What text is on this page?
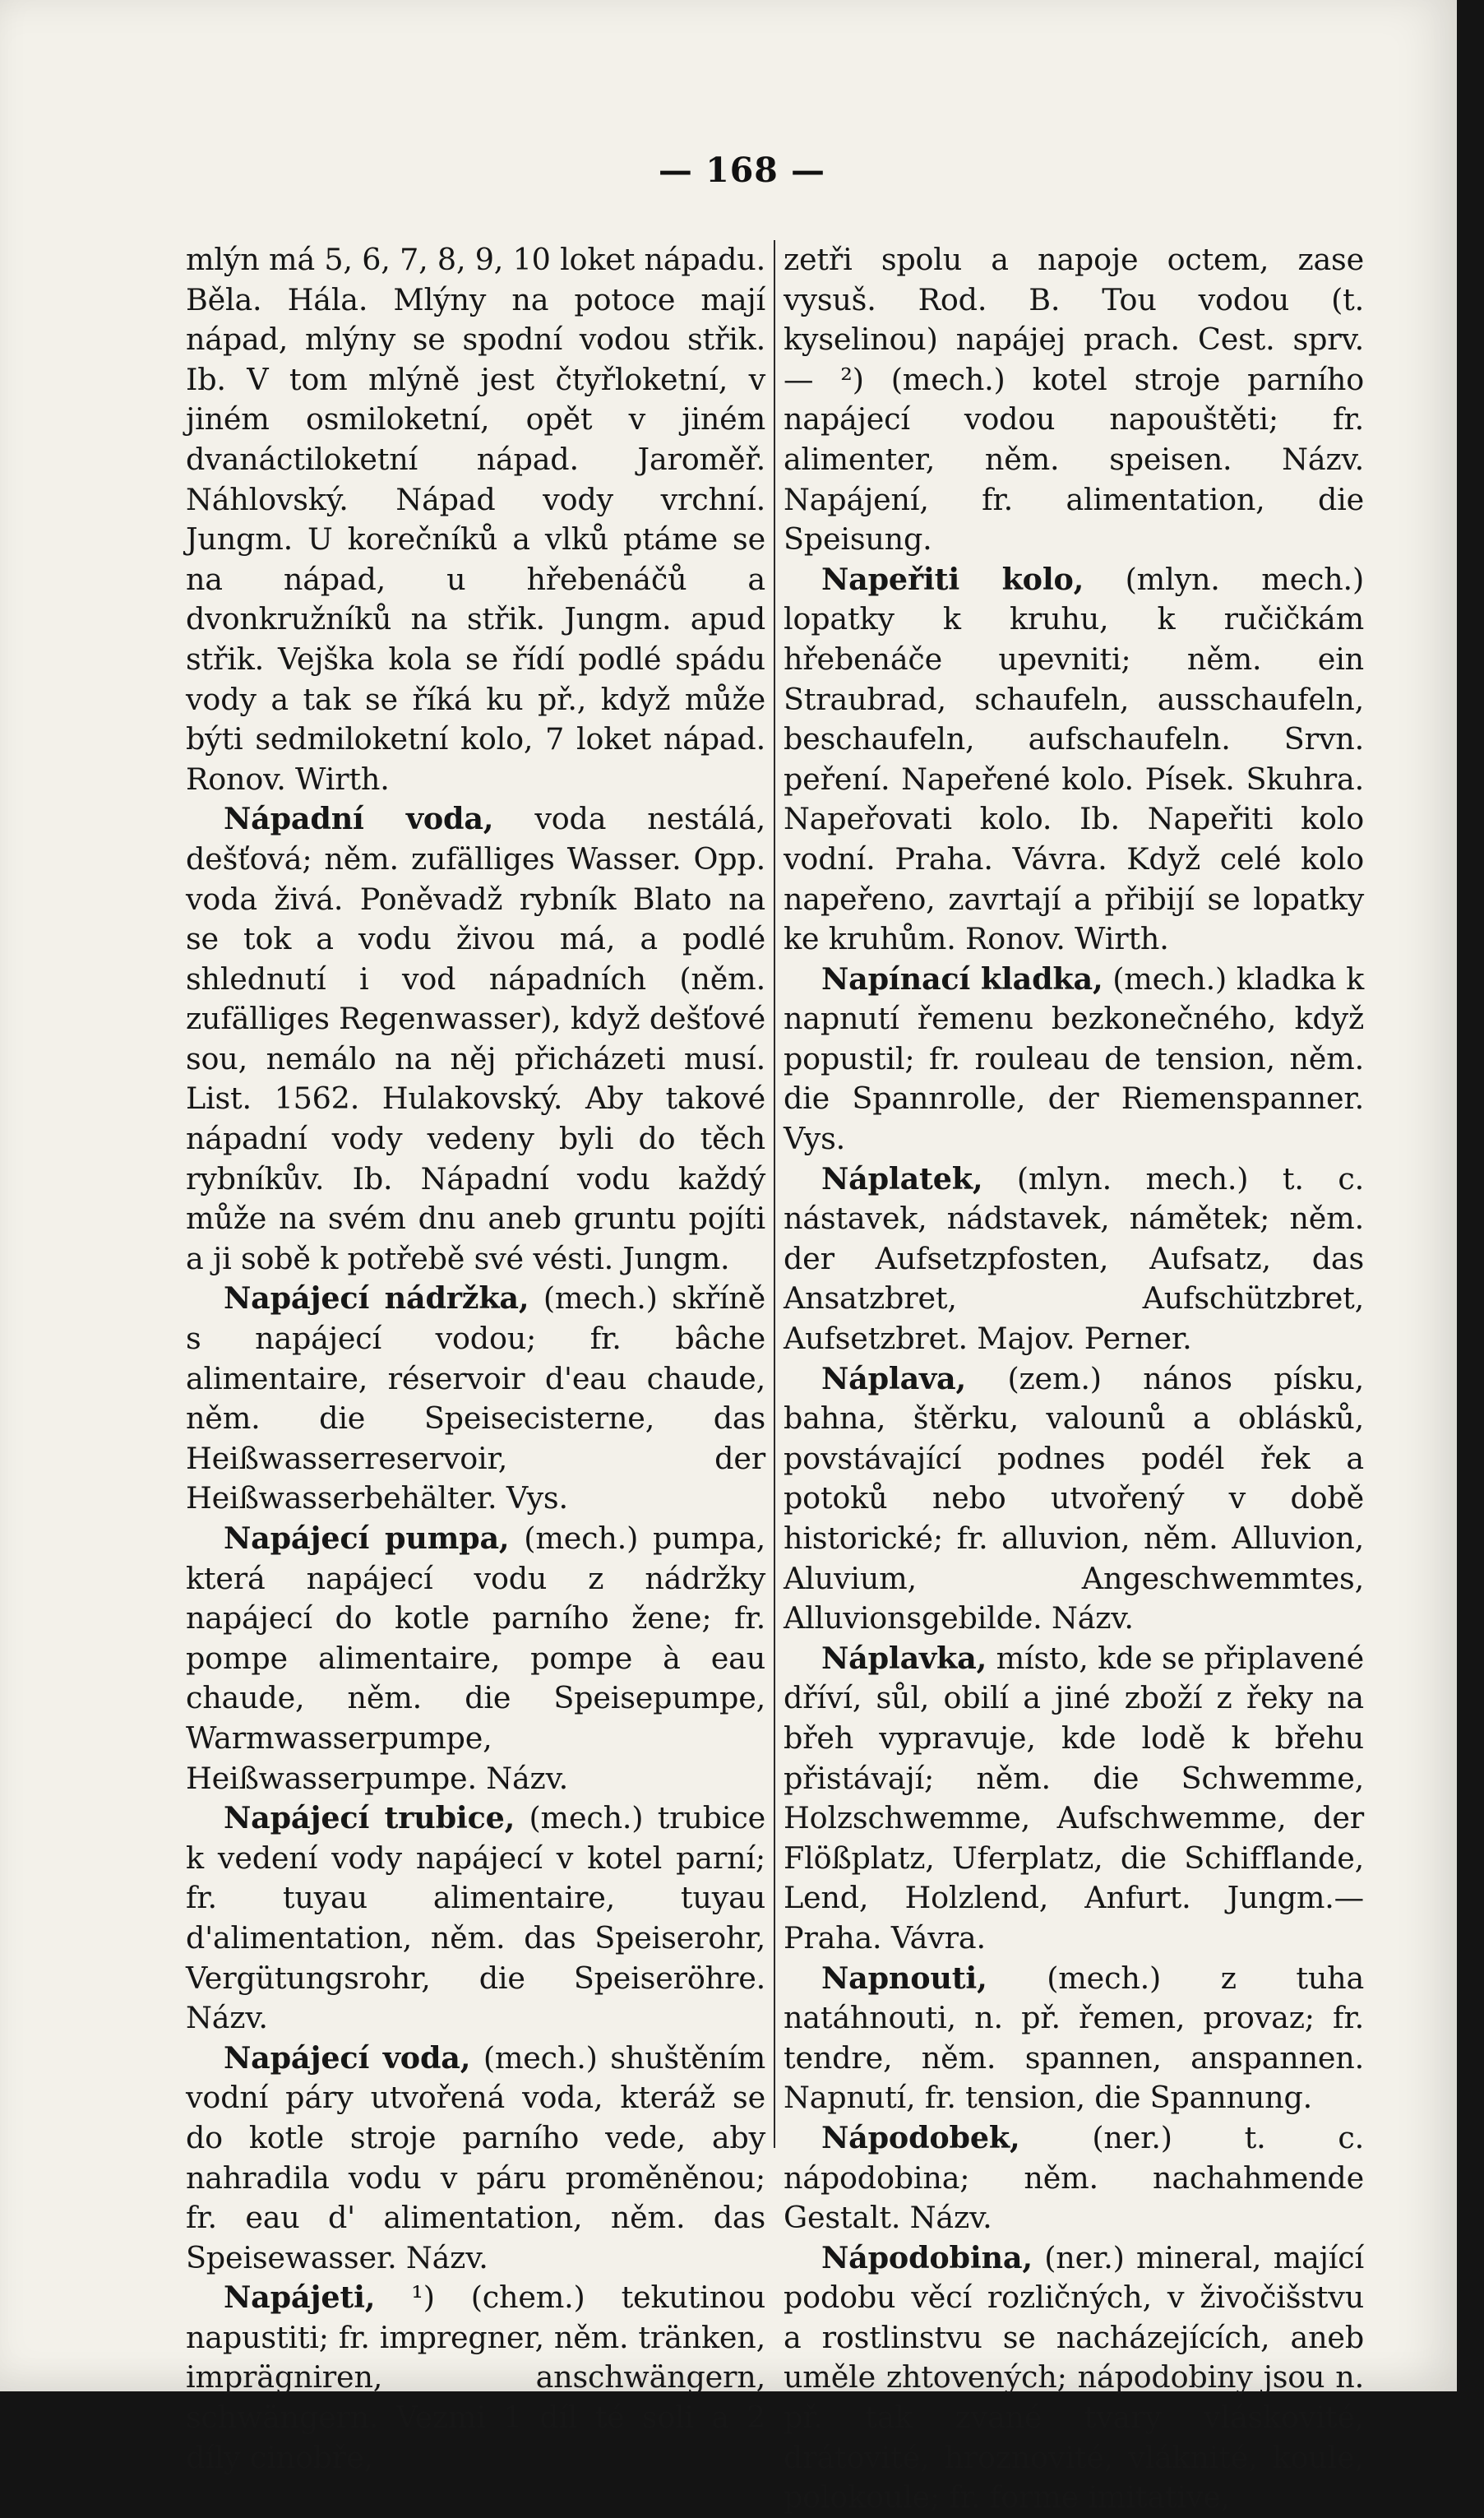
— 168 —

mlýn má 5, 6, 7, 8, 9, 10 loket nápadu. Běla. Hála. Mlýny na potoce mají nápad, mlýny se spodní vodou střik. Ib. V tom mlýně jest čtyřloketní, v jiném osmiloketní, opět v jiném dvanáctiloketní nápad. Jaroměř. Náhlovský. Nápad vody vrchní. Jungm. U korečníků a vlků ptáme se na nápad, u hřebenáčů a dvonkružníků na střik. Jungm. apud střik. Vejška kola se řídí podlé spádu vody a tak se říká ku př., když může býti sedmiloketní kolo, 7 loket nápad. Ronov. Wirth.

Nápadní voda, voda nestálá, dešťová; něm. zufälliges Wasser. Opp. voda živá. Poněvadž rybník Blato na se tok a vodu živou má, a podlé shlednutí i vod nápadních (něm. zufälliges Regenwasser), když dešťové sou, nemálo na něj přicházeti musí. List. 1562. Hulakovský. Aby takové nápadní vody vedeny byli do těch rybníkův. Ib. Nápadní vodu každý může na svém dnu aneb gruntu pojíti a ji sobě k potřebě své vésti. Jungm.

Napájecí nádržka, (mech.) skříně s napájecí vodou; fr. bâche alimentaire, réservoir d'eau chaude, něm. die Speisecisterne, das Heißwasserreservoir, der Heißwasserbehälter. Vys.

Napájecí pumpa, (mech.) pumpa, která napájecí vodu z nádržky napájecí do kotle parního žene; fr. pompe alimentaire, pompe à eau chaude, něm. die Speisepumpe, Warmwasserpumpe, Heißwasserpumpe. Názv.

Napájecí trubice, (mech.) trubice k vedení vody napájecí v kotel parní; fr. tuyau alimentaire, tuyau d'alimentation, něm. das Speiserohr, Vergütungsrohr, die Speiseröhre. Názv.

Napájecí voda, (mech.) shuštěním vodní páry utvořená voda, kteráž se do kotle stroje parního vede, aby nahradila vodu v páru proměněnou; fr. eau d' alimentation, něm. das Speisewasser. Názv.

Napájeti, ¹) (chem.) tekutinou napustiti; fr. impregner, něm. tränken, imprägniren, anschwängern, schwängern. Vezmi 1 díl té soli a 2 díly cinobře,

zetři spolu a napoje octem, zase vysuš. Rod. B. Tou vodou (t. kyselinou) napájej prach. Cest. sprv. — ²) (mech.) kotel stroje parního napájecí vodou napouštěti; fr. alimenter, něm. speisen. Názv. Napájení, fr. alimentation, die Speisung.

Napeřiti kolo, (mlyn. mech.) lopatky k kruhu, k ručičkám hřebenáče upevniti; něm. ein Straubrad, schaufeln, ausschaufeln, beschaufeln, aufschaufeln. Srvn. peření. Napeřené kolo. Písek. Skuhra. Napeřovati kolo. Ib. Napeřiti kolo vodní. Praha. Vávra. Když celé kolo napeřeno, zavrtají a přibijí se lopatky ke kruhům. Ronov. Wirth.

Napínací kladka, (mech.) kladka k napnutí řemenu bezkonečného, když popustil; fr. rouleau de tension, něm. die Spannrolle, der Riemenspanner. Vys.

Náplatek, (mlyn. mech.) t. c. nástavek, nádstavek, námětek; něm. der Aufsetzpfosten, Aufsatz, das Ansatzbret, Aufschützbret, Aufsetzbret. Majov. Perner.

Náplava, (zem.) nános písku, bahna, štěrku, valounů a oblásků, povstávající podnes podél řek a potoků nebo utvořený v době historické; fr. alluvion, něm. Alluvion, Aluvium, Angeschwemmtes, Alluvionsgebilde. Názv.

Náplavka, místo, kde se připlavené dříví, sůl, obilí a jiné zboží z řeky na břeh vypravuje, kde lodě k břehu přistávají; něm. die Schwemme, Holzschwemme, Aufschwemme, der Flößplatz, Uferplatz, die Schifflande, Lend, Holzlend, Anfurt. Jungm.—Praha. Vávra.

Napnouti, (mech.) z tuha natáhnouti, n. př. řemen, provaz; fr. tendre, něm. spannen, anspannen. Napnutí, fr. tension, die Spannung.

Nápodobek, (ner.) t. c. nápodobina; něm. nachahmende Gestalt. Názv.

Nápodobina, (ner.) mineral, mající podobu věcí rozličných, v živočišstvu a rostlinstvu se nacházejících, aneb uměle zhtovených; nápodobiny jsou n. př. tak zvané tvary vláskovité, drátovité, hroznovité, vláknité, koule, polokoule; fr. forme imitative,
